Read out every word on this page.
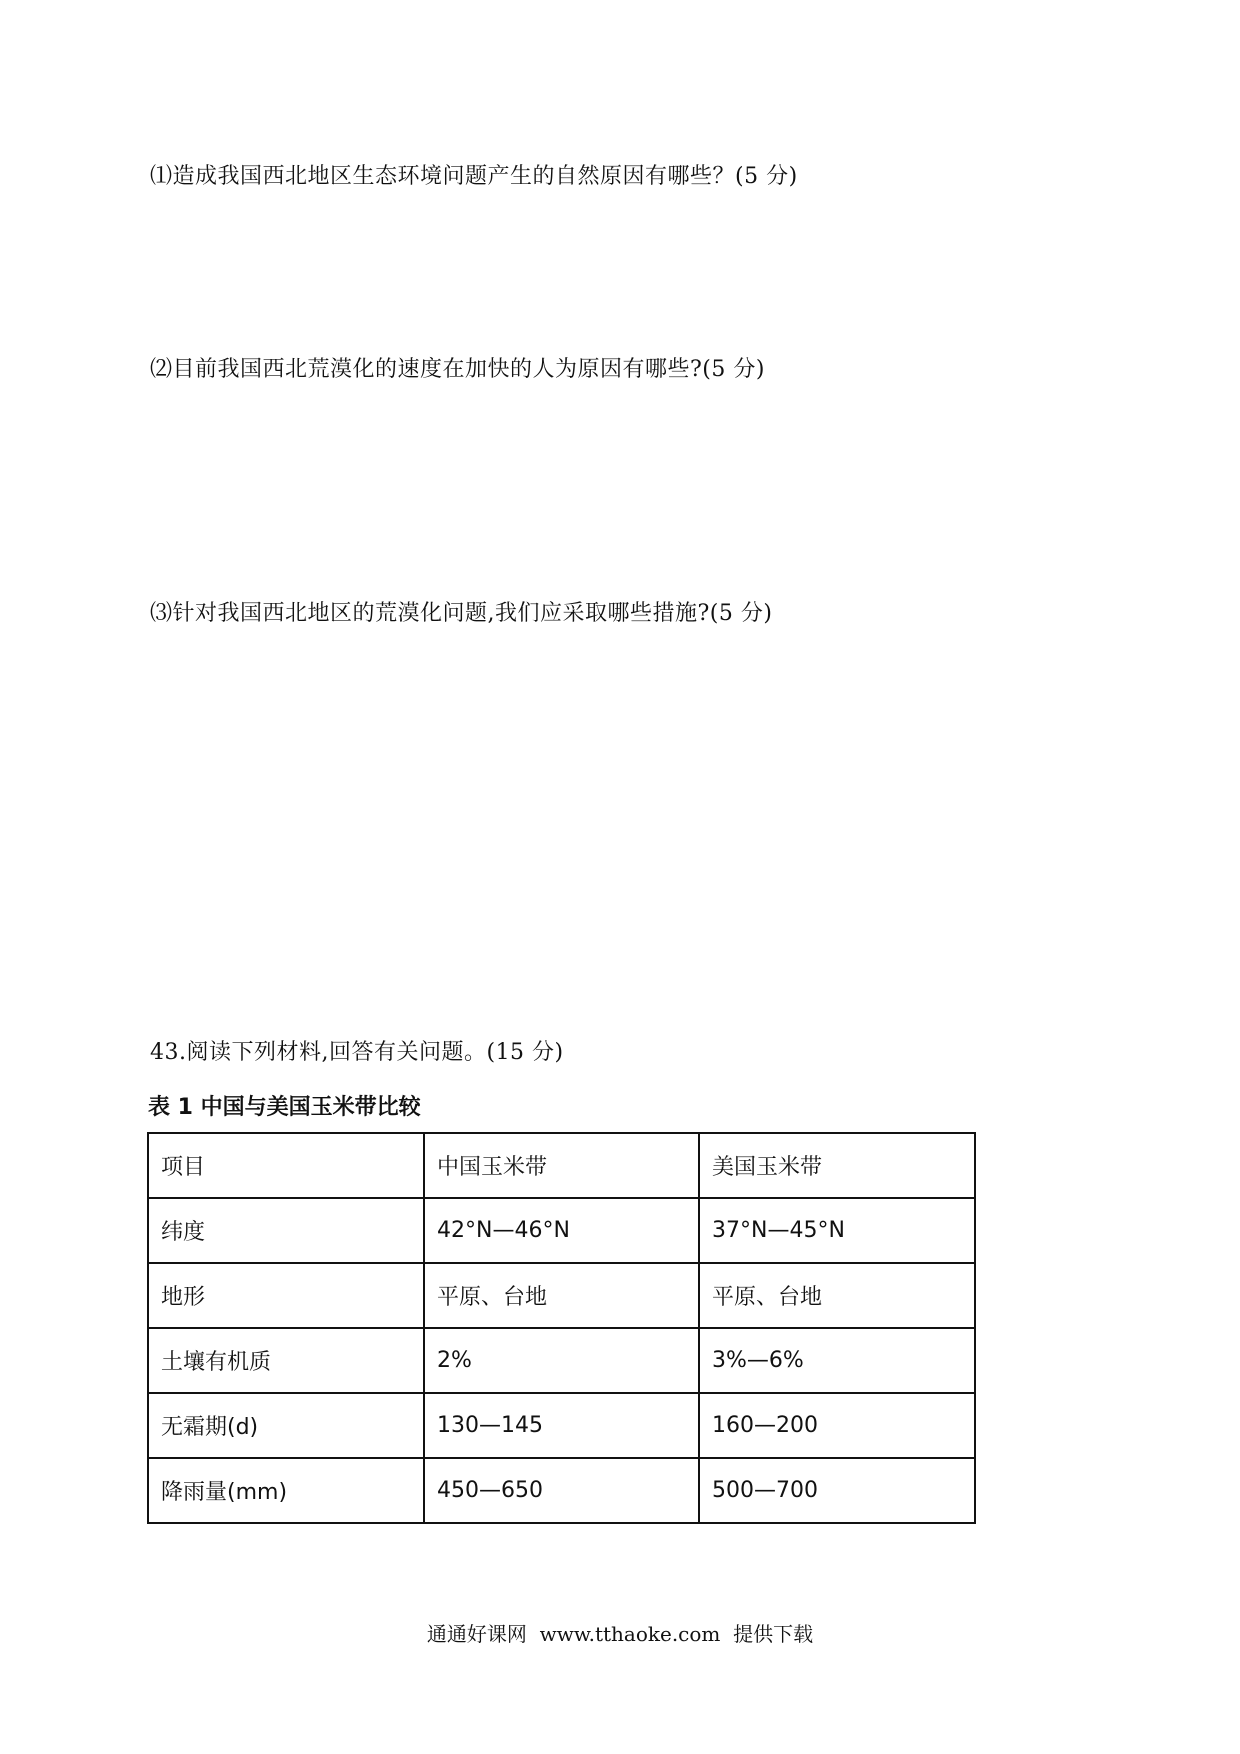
⑴造成我国西北地区生态环境问题产生的自然原因有哪些？(5 分)
⑵目前我国西北荒漠化的速度在加快的人为原因有哪些?(5 分)
⑶针对我国西北地区的荒漠化问题,我们应采取哪些措施?(5 分)
43.阅读下列材料,回答有关问题。(15 分)
表 1 中国与美国玉米带比较
项目	中国玉米带	美国玉米带
纬度	42°N—46°N	37°N—45°N
地形	平原、台地	平原、台地
土壤有机质	2%	3%—6%
无霜期(d)	130—145	160—200
降雨量(mm)	450—650	500—700
通通好课网  www.tthaoke.com  提供下载
